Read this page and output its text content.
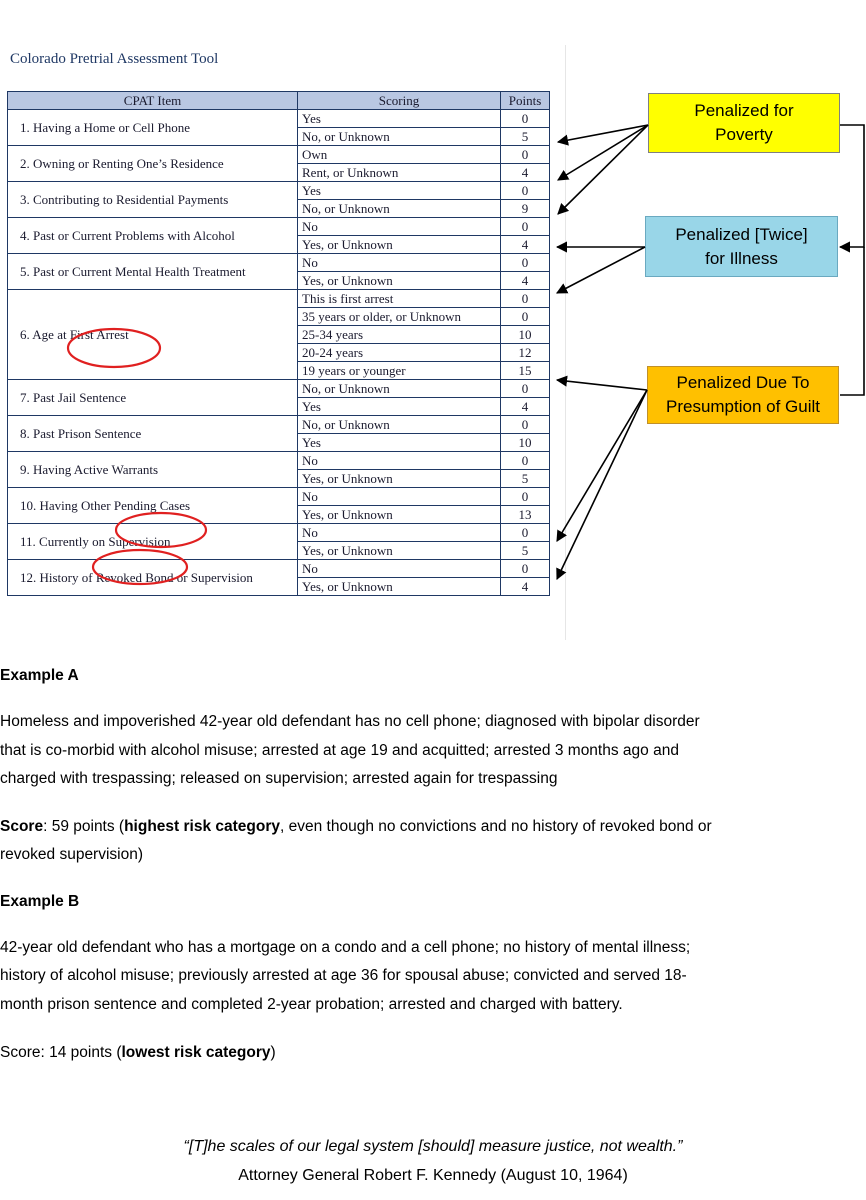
Colorado Pretrial Assessment Tool
CPAT Item	Scoring	Points
1. Having a Home or Cell Phone	Yes	0
	No, or Unknown	5
2. Owning or Renting One’s Residence	Own	0
	Rent, or Unknown	4
3. Contributing to Residential Payments	Yes	0
	No, or Unknown	9
4. Past or Current Problems with Alcohol	No	0
	Yes, or Unknown	4
5. Past or Current Mental Health Treatment	No	0
	Yes, or Unknown	4
6. Age at First Arrest	This is first arrest	0
	35 years or older, or Unknown	0
	25-34 years	10
	20-24 years	12
	19 years or younger	15
7. Past Jail Sentence	No, or Unknown	0
	Yes	4
8. Past Prison Sentence	No, or Unknown	0
	Yes	10
9. Having Active Warrants	No	0
	Yes, or Unknown	5
10. Having Other Pending Cases	No	0
	Yes, or Unknown	13
11. Currently on Supervision	No	0
	Yes, or Unknown	5
12. History of Revoked Bond or Supervision	No	0
	Yes, or Unknown	4
Penalized for
Poverty
Penalized [Twice]
for Illness
Penalized Due To
Presumption of Guilt

Example A

Homeless and impoverished 42-year old defendant has no cell phone; diagnosed with bipolar disorder

that is co-morbid with alcohol misuse; arrested at age 19 and acquitted; arrested 3 months ago and

charged with trespassing; released on supervision; arrested again for trespassing

Score: 59 points (highest risk category, even though no convictions and no history of revoked bond or

revoked supervision)

Example B

42-year old defendant who has a mortgage on a condo and a cell phone; no history of mental illness;

history of alcohol misuse; previously arrested at age 36 for spousal abuse; convicted and served 18-

month prison sentence and completed 2-year probation; arrested and charged with battery.

Score: 14 points (lowest risk category)

“[T]he scales of our legal system [should] measure justice, not wealth.”
Attorney General Robert F. Kennedy (August 10, 1964)
